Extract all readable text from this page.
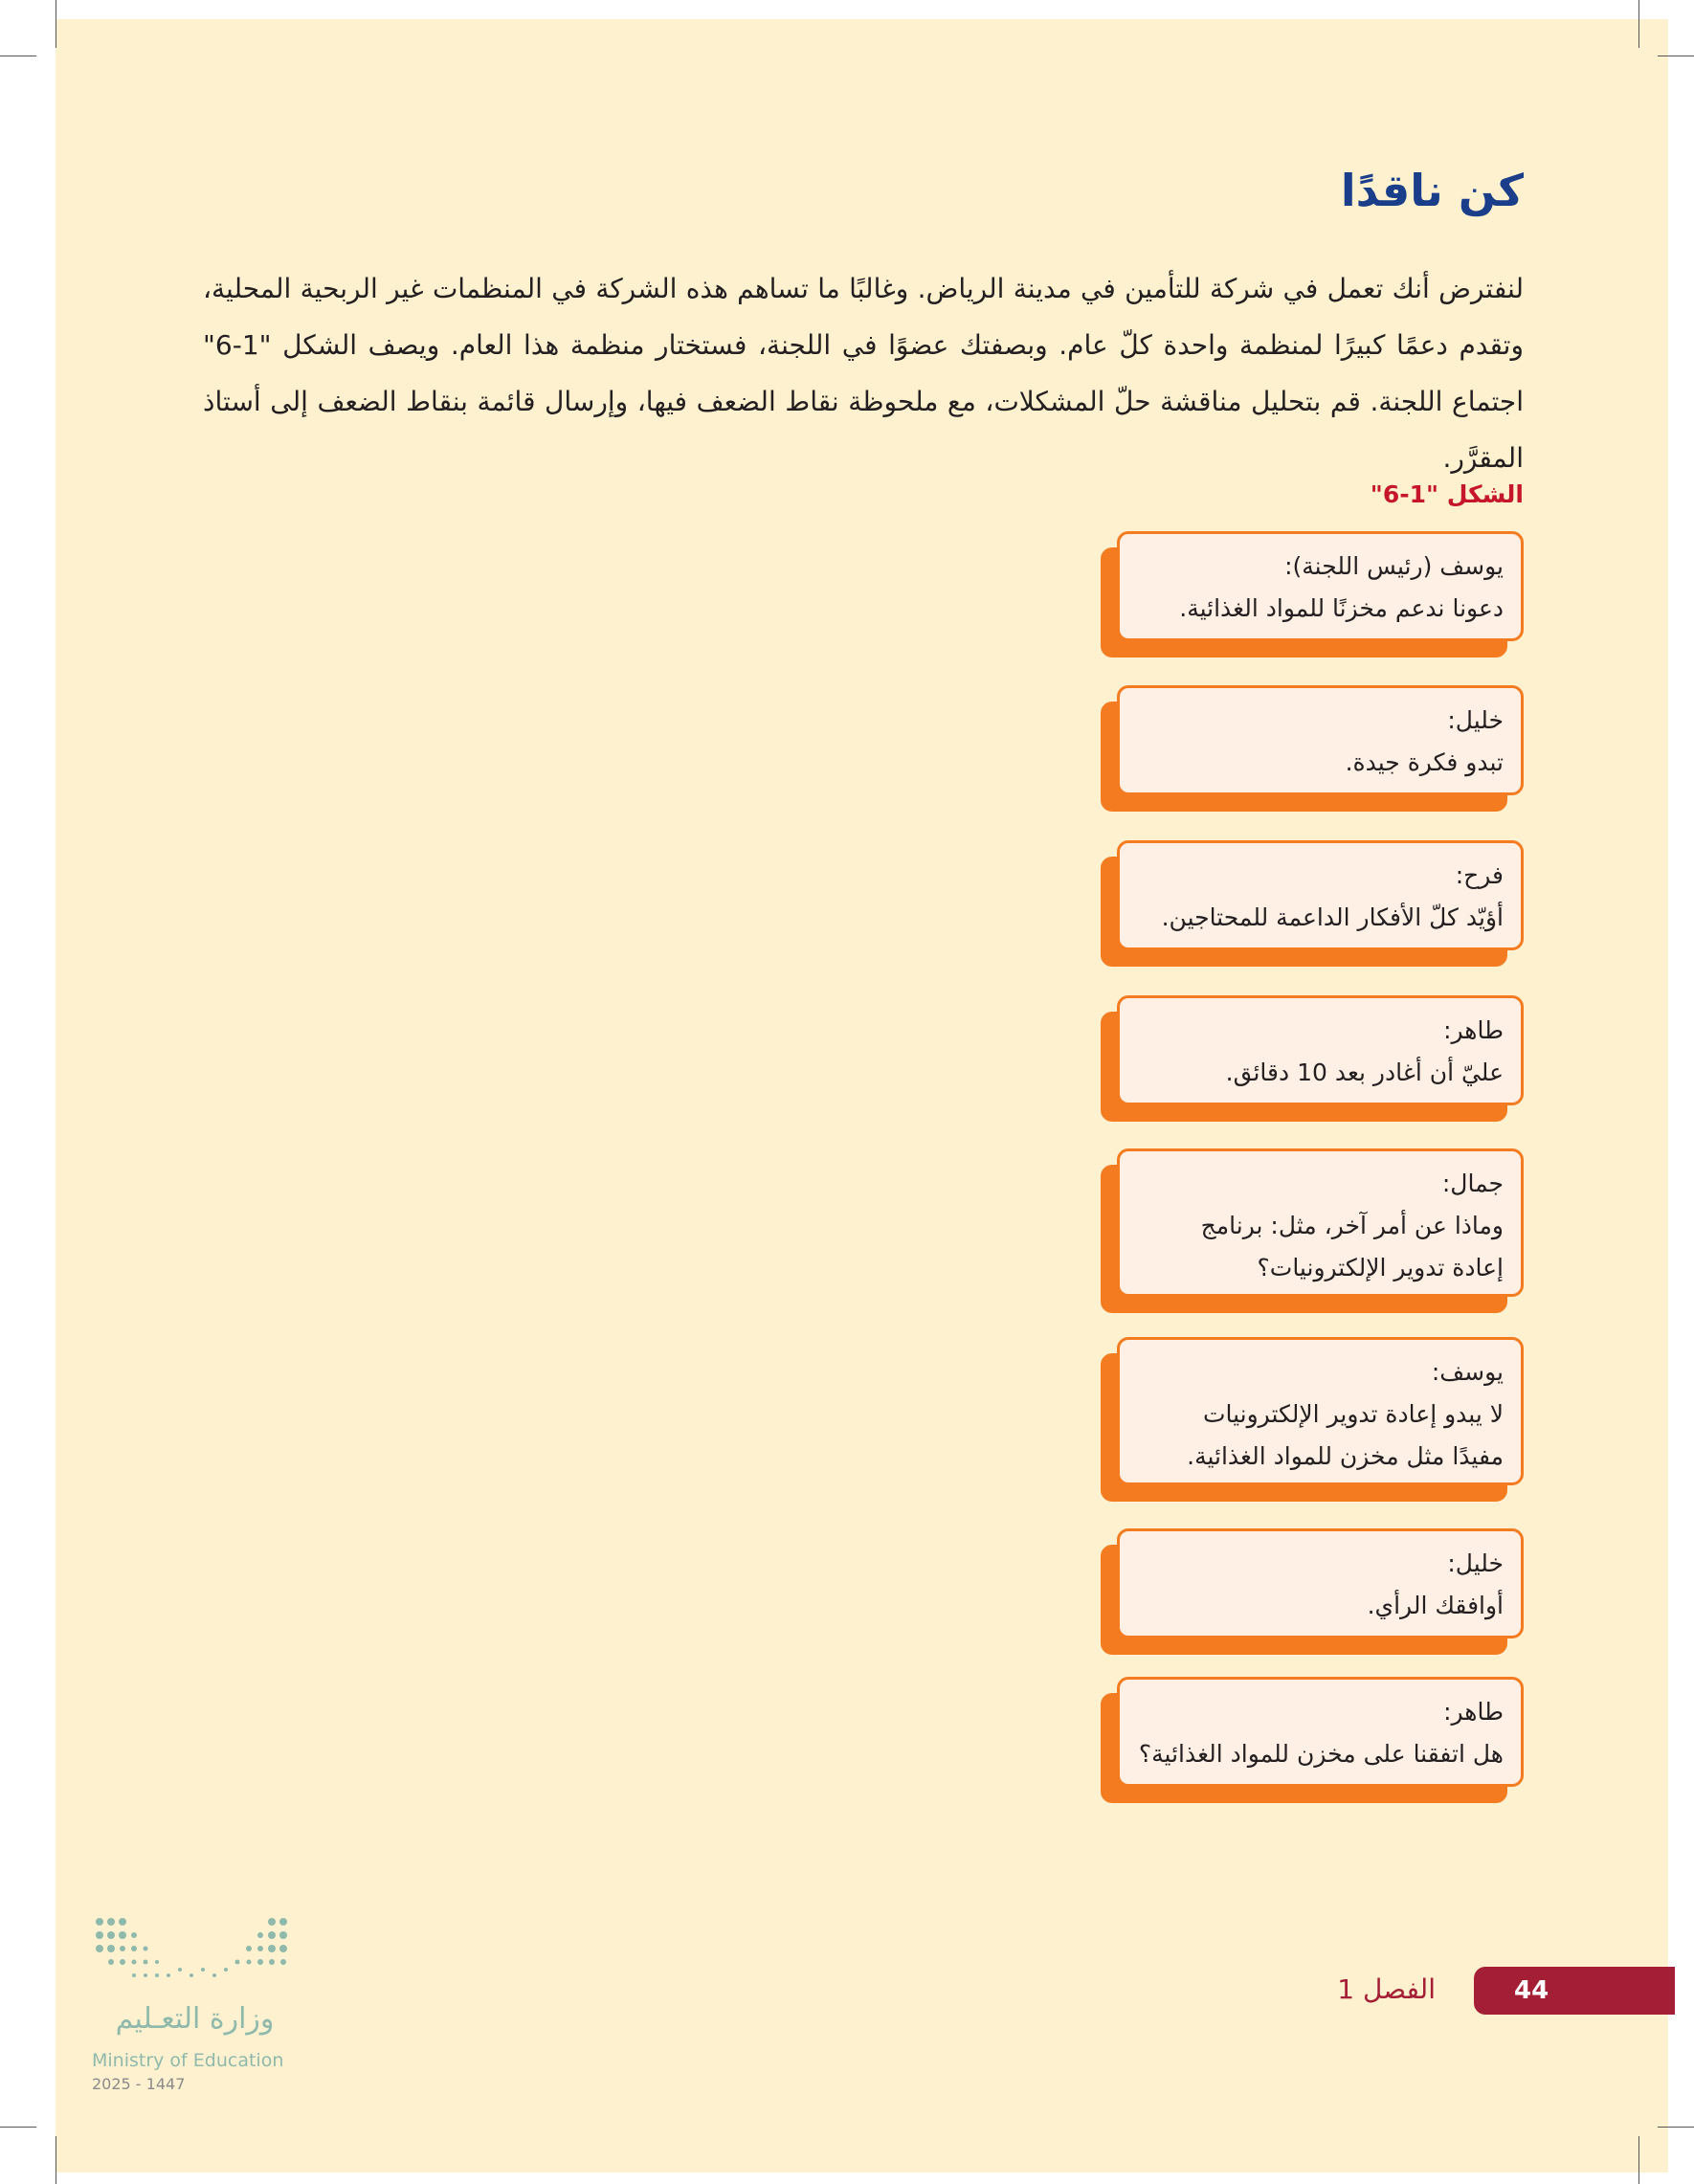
كن ناقدًا

لنفترض أنك تعمل في شركة للتأمين في مدينة الرياض. وغالبًا ما تساهم هذه الشركة في المنظمات غير الربحية المحلية، وتقدم دعمًا كبيرًا لمنظمة واحدة كلّ عام. وبصفتك عضوًا في اللجنة، فستختار منظمة هذا العام. ويصف الشكل "1-6" اجتماع اللجنة. قم بتحليل مناقشة حلّ المشكلات، مع ملحوظة نقاط الضعف فيها، وإرسال قائمة بنقاط الضعف إلى أستاذ المقرَّر.

الشكل "1-6"
يوسف (رئيس اللجنة):
دعونا ندعم مخزنًا للمواد الغذائية.
خليل:
تبدو فكرة جيدة.
فرح:
أؤيّد كلّ الأفكار الداعمة للمحتاجين.
طاهر:
عليّ أن أغادر بعد 10 دقائق.
جمال:
وماذا عن أمر آخر، مثل: برنامج
إعادة تدوير الإلكترونيات؟
يوسف:
لا يبدو إعادة تدوير الإلكترونيات
مفيدًا مثل مخزن للمواد الغذائية.
خليل:
أوافقك الرأي.
طاهر:
هل اتفقنا على مخزن للمواد الغذائية؟
وزارة التعـليم
Ministry of Education
2025 - 1447
44
الفصل 1
